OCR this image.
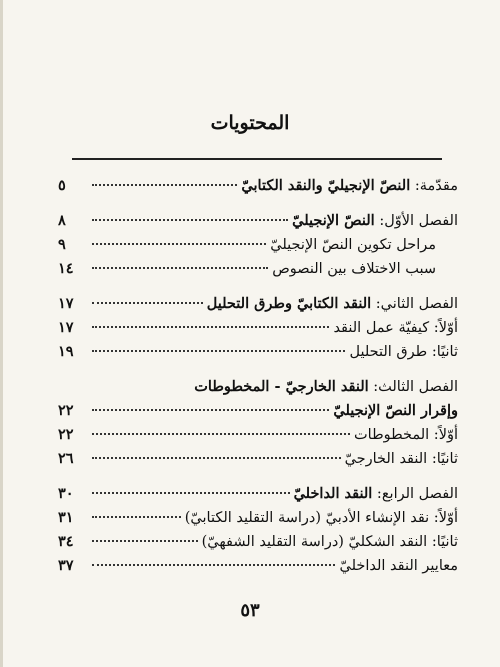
المحتويات
مقدّمة: النصّ الإنجيليّ والنقد الكتابيّ
٥
الفصل الأوّل: النصّ الإنجيليّ
٨
مراحل تكوين النصّ الإنجيليّ
٩
سبب الاختلاف بين النصوص
١٤
الفصل الثاني: النقد الكتابيّ وطرق التحليل
١٧
أوّلاً: كيفيّة عمل النقد
١٧
ثانيًا: طرق التحليل
١٩
الفصل الثالث: النقد الخارجيّ - المخطوطات
وإقرار النصّ الإنجيليّ
٢٢
أوّلاً: المخطوطات
٢٢
ثانيًا: النقد الخارجيّ
٢٦
الفصل الرابع: النقد الداخليّ
٣٠
أوّلاً: نقد الإنشاء الأدبيّ (دراسة التقليد الكتابيّ)
٣١
ثانيًا: النقد الشكليّ (دراسة التقليد الشفهيّ)
٣٤
معايير النقد الداخليّ
٣٧
٥٣
